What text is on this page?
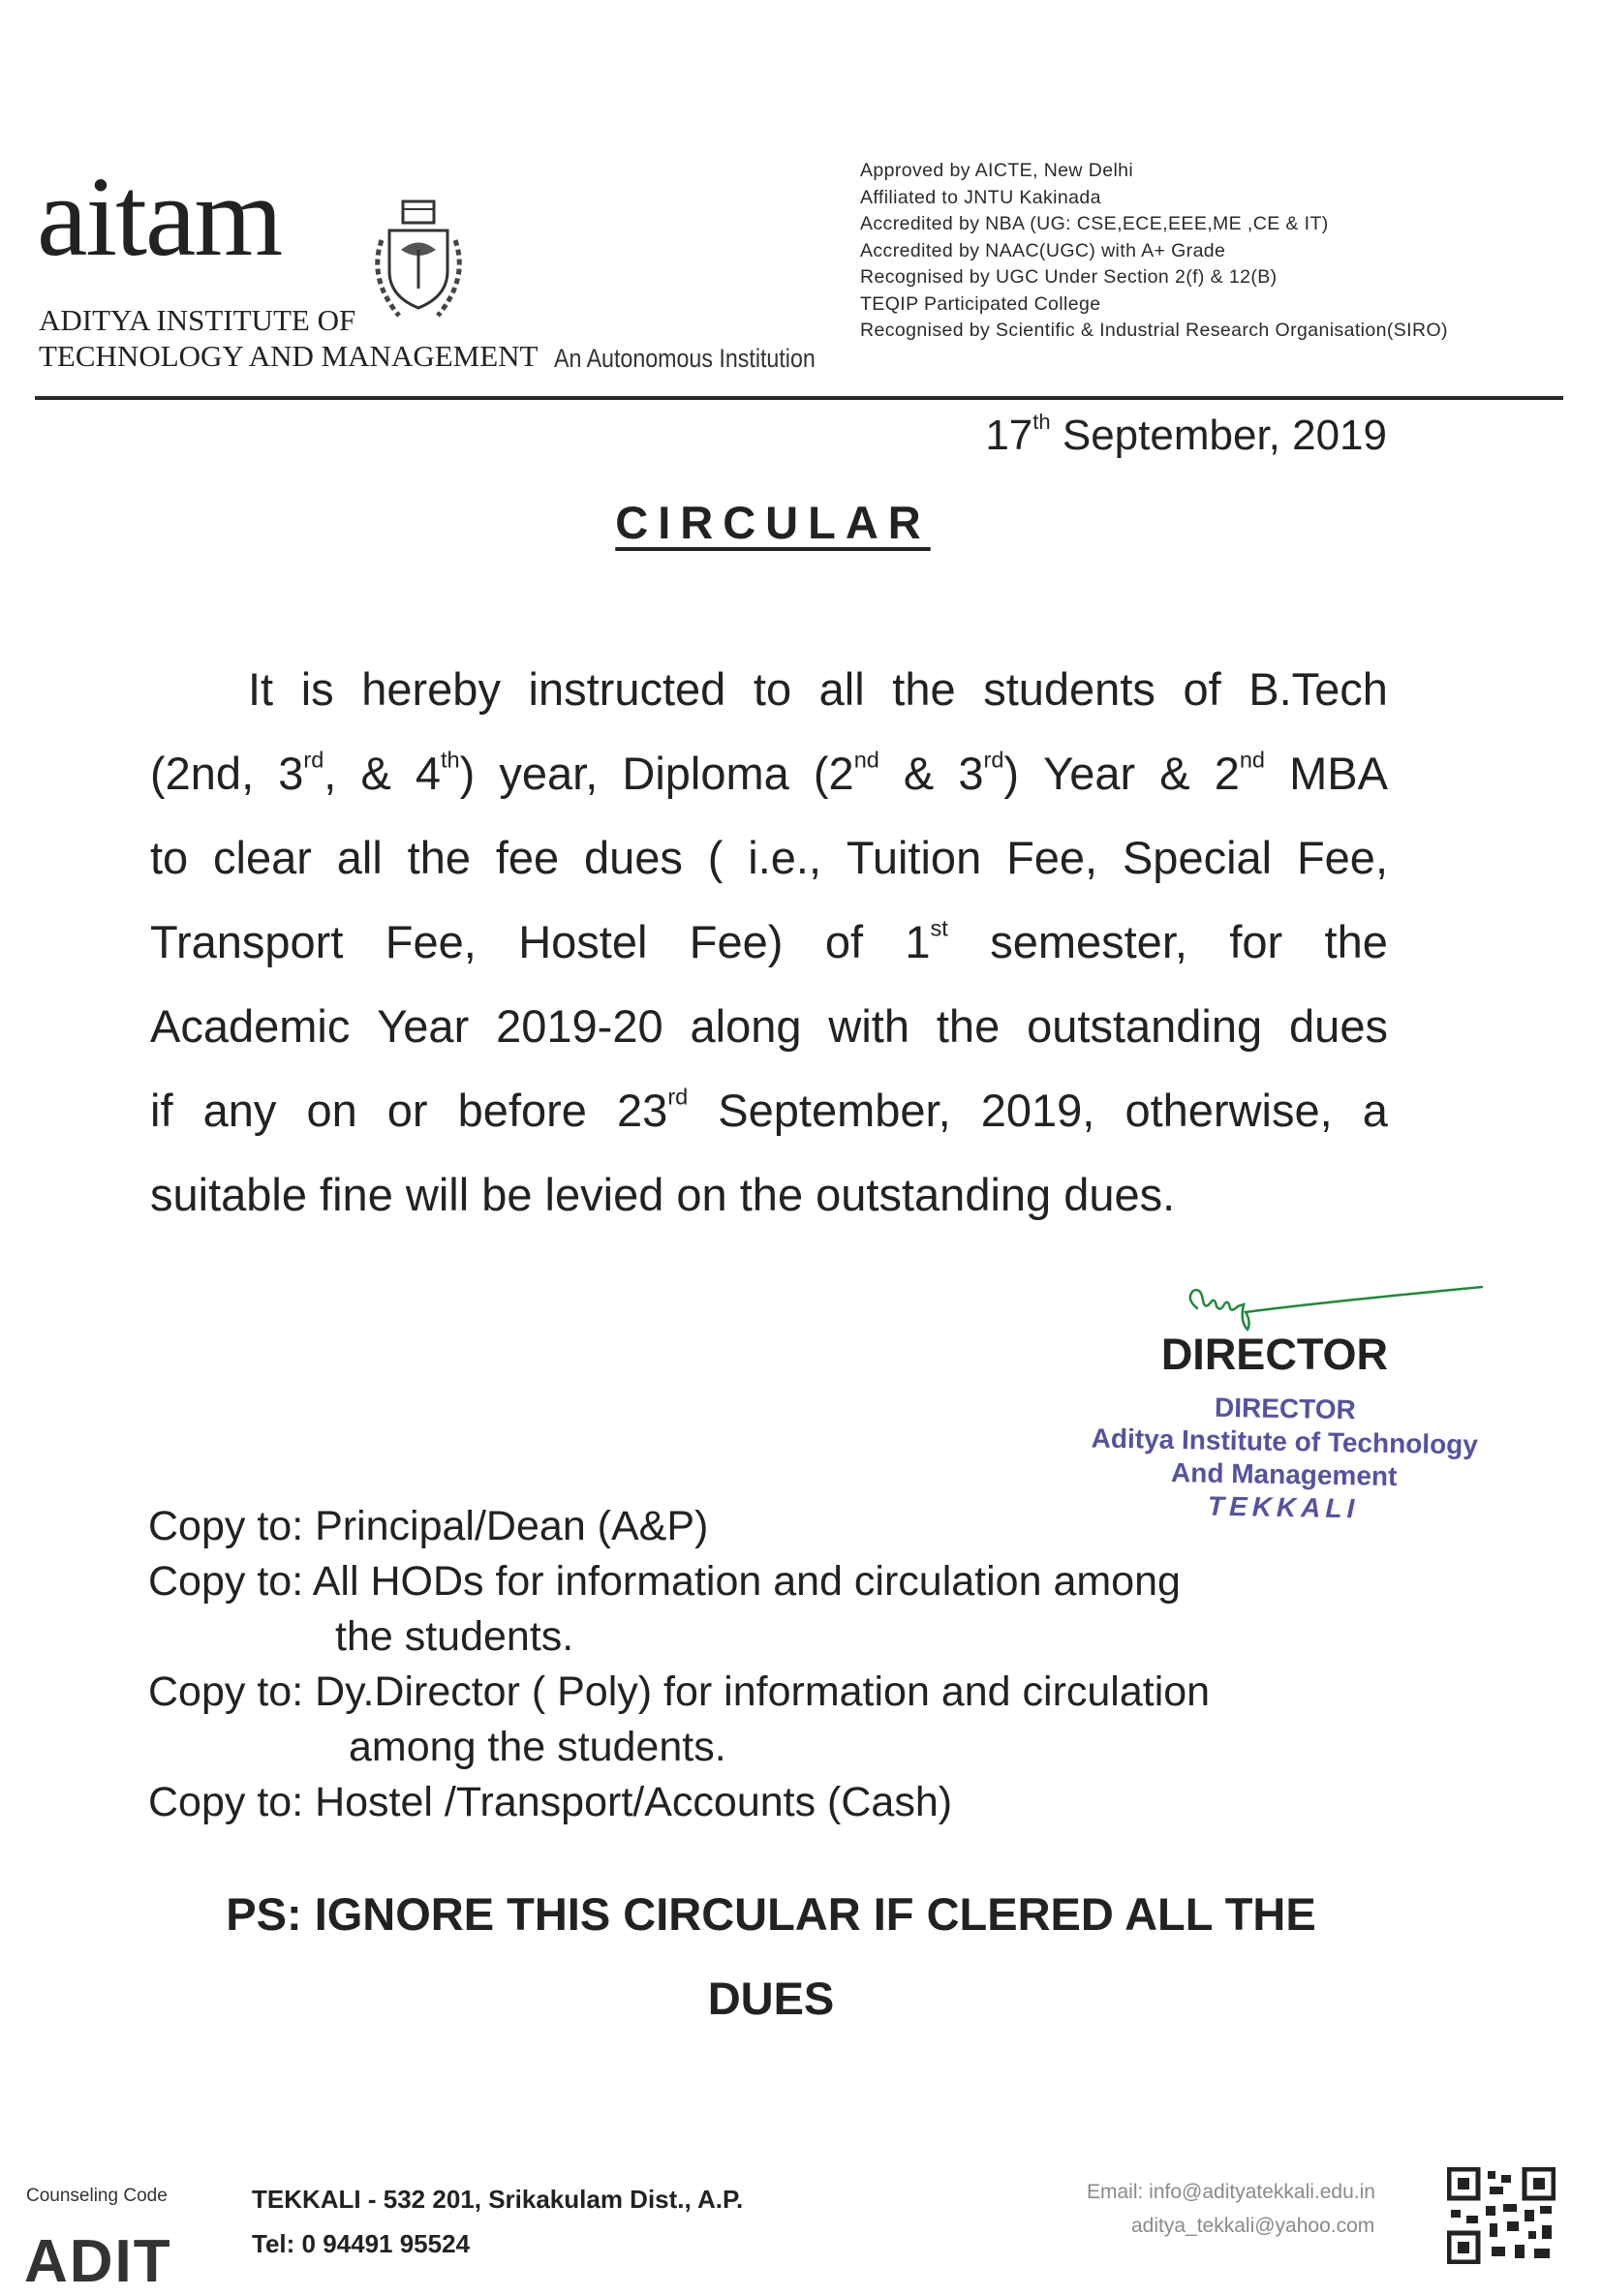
aitam
ADITYA INSTITUTE OF
TECHNOLOGY AND MANAGEMENT An Autonomous Institution
Approved by AICTE, New Delhi
Affiliated to JNTU Kakinada
Accredited by NBA (UG: CSE,ECE,EEE,ME ,CE & IT)
Accredited by NAAC(UGC) with A+ Grade
Recognised by UGC Under Section 2(f) & 12(B)
TEQIP Participated College
Recognised by Scientific & Industrial Research Organisation(SIRO)
17th September, 2019
CIRCULAR
It is hereby instructed to all the students of B.Tech
(2nd, 3rd, & 4th) year, Diploma (2nd & 3rd) Year & 2nd MBA
to clear all the fee dues ( i.e., Tuition Fee, Special Fee,
Transport Fee, Hostel Fee) of 1st semester, for the
Academic Year 2019-20 along with the outstanding dues
if any on or before 23rd September, 2019, otherwise, a
suitable fine will be levied on the outstanding dues.
DIRECTOR
DIRECTOR
Aditya Institute of Technology
And Management
TEKKALI
Copy to: Principal/Dean (A&P)
Copy to: All HODs for information and circulation among
the students.
Copy to: Dy.Director ( Poly) for information and circulation
among the students.
Copy to: Hostel /Transport/Accounts (Cash)
PS: IGNORE THIS CIRCULAR IF CLERED ALL THE
DUES
Counseling Code
ADIT
TEKKALI - 532 201, Srikakulam Dist., A.P.
Tel: 0 94491 95524
Email: info@adityatekkali.edu.in
aditya_tekkali@yahoo.com
